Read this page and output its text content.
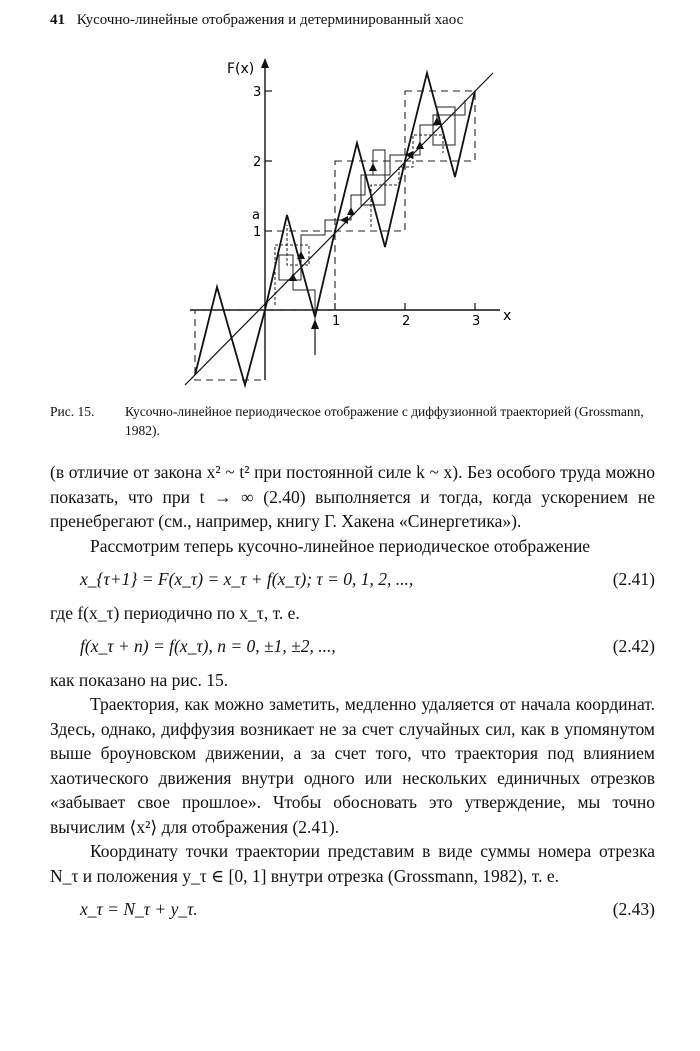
41 Кусочно-линейные отображения и детерминированный хаос
F(x)
x
1
2
3
a
1	2	3
Рис. 15. Кусочно-линейное периодическое отображение с диффузионной траекторией (Grossmann, 1982).

(в отличие от закона x² ~ t² при постоянной силе k ~ x). Без особого труда можно показать, что при t → ∞ (2.40) выполняется и тогда, когда ускорением не пренебрегают (см., например, книгу Г. Хакена «Синергетика»).

Рассмотрим теперь кусочно-линейное периодическое отображение

x_{τ+1} = F(x_τ) = x_τ + f(x_τ); τ = 0, 1, 2, ...,	(2.41)

где f(x_τ) периодично по x_τ, т. е.

f(x_τ + n) = f(x_τ), n = 0, ±1, ±2, ...,	(2.42)

как показано на рис. 15.

Траектория, как можно заметить, медленно удаляется от начала координат. Здесь, однако, диффузия возникает не за счет случайных сил, как в упомянутом выше броуновском движении, а за счет того, что траектория под влиянием хаотического движения внутри одного или нескольких единичных отрезков «забывает свое прошлое». Чтобы обосновать это утверждение, мы точно вычислим ⟨x²⟩ для отображения (2.41).

Координату точки траектории представим в виде суммы номера отрезка N_τ и положения y_τ ∈ [0, 1] внутри отрезка (Grossmann, 1982), т. е.

x_τ = N_τ + y_τ.	(2.43)
